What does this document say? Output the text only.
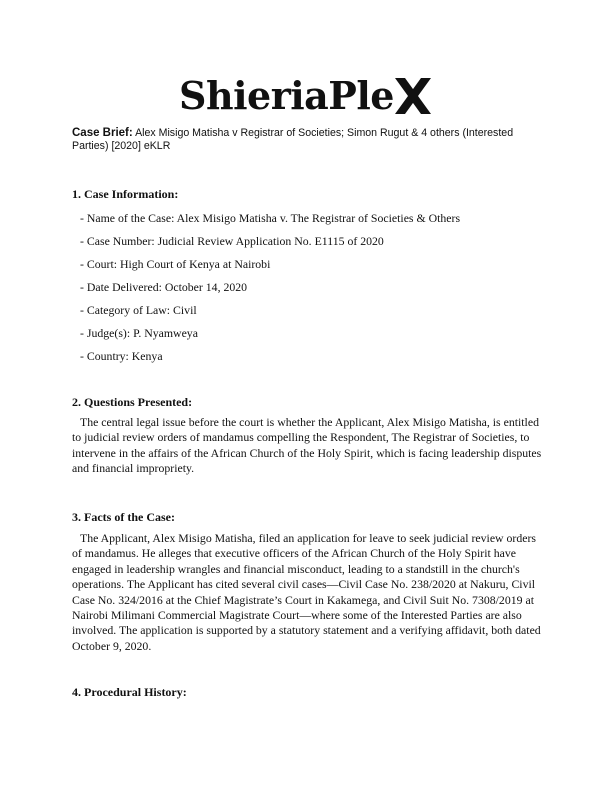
ShieriaPle
Case Brief: Alex Misigo Matisha v Registrar of Societies; Simon Rugut & 4 others (Interested Parties) [2020] eKLR
1. Case Information:
- Name of the Case: Alex Misigo Matisha v. The Registrar of Societies & Others
- Case Number: Judicial Review Application No. E1115 of 2020
- Court: High Court of Kenya at Nairobi
- Date Delivered: October 14, 2020
- Category of Law: Civil
- Judge(s): P. Nyamweya
- Country: Kenya
2. Questions Presented:

The central legal issue before the court is whether the Applicant, Alex Misigo Matisha, is entitled to judicial review orders of mandamus compelling the Respondent, The Registrar of Societies, to intervene in the affairs of the African Church of the Holy Spirit, which is facing leadership disputes and financial impropriety.

3. Facts of the Case:

The Applicant, Alex Misigo Matisha, filed an application for leave to seek judicial review orders of mandamus. He alleges that executive officers of the African Church of the Holy Spirit have engaged in leadership wrangles and financial misconduct, leading to a standstill in the church's operations. The Applicant has cited several civil cases—Civil Case No. 238/2020 at Nakuru, Civil Case No. 324/2016 at the Chief Magistrate’s Court in Kakamega, and Civil Suit No. 7308/2019 at Nairobi Milimani Commercial Magistrate Court—where some of the Interested Parties are also involved. The application is supported by a statutory statement and a verifying affidavit, both dated October 9, 2020.

4. Procedural History:
